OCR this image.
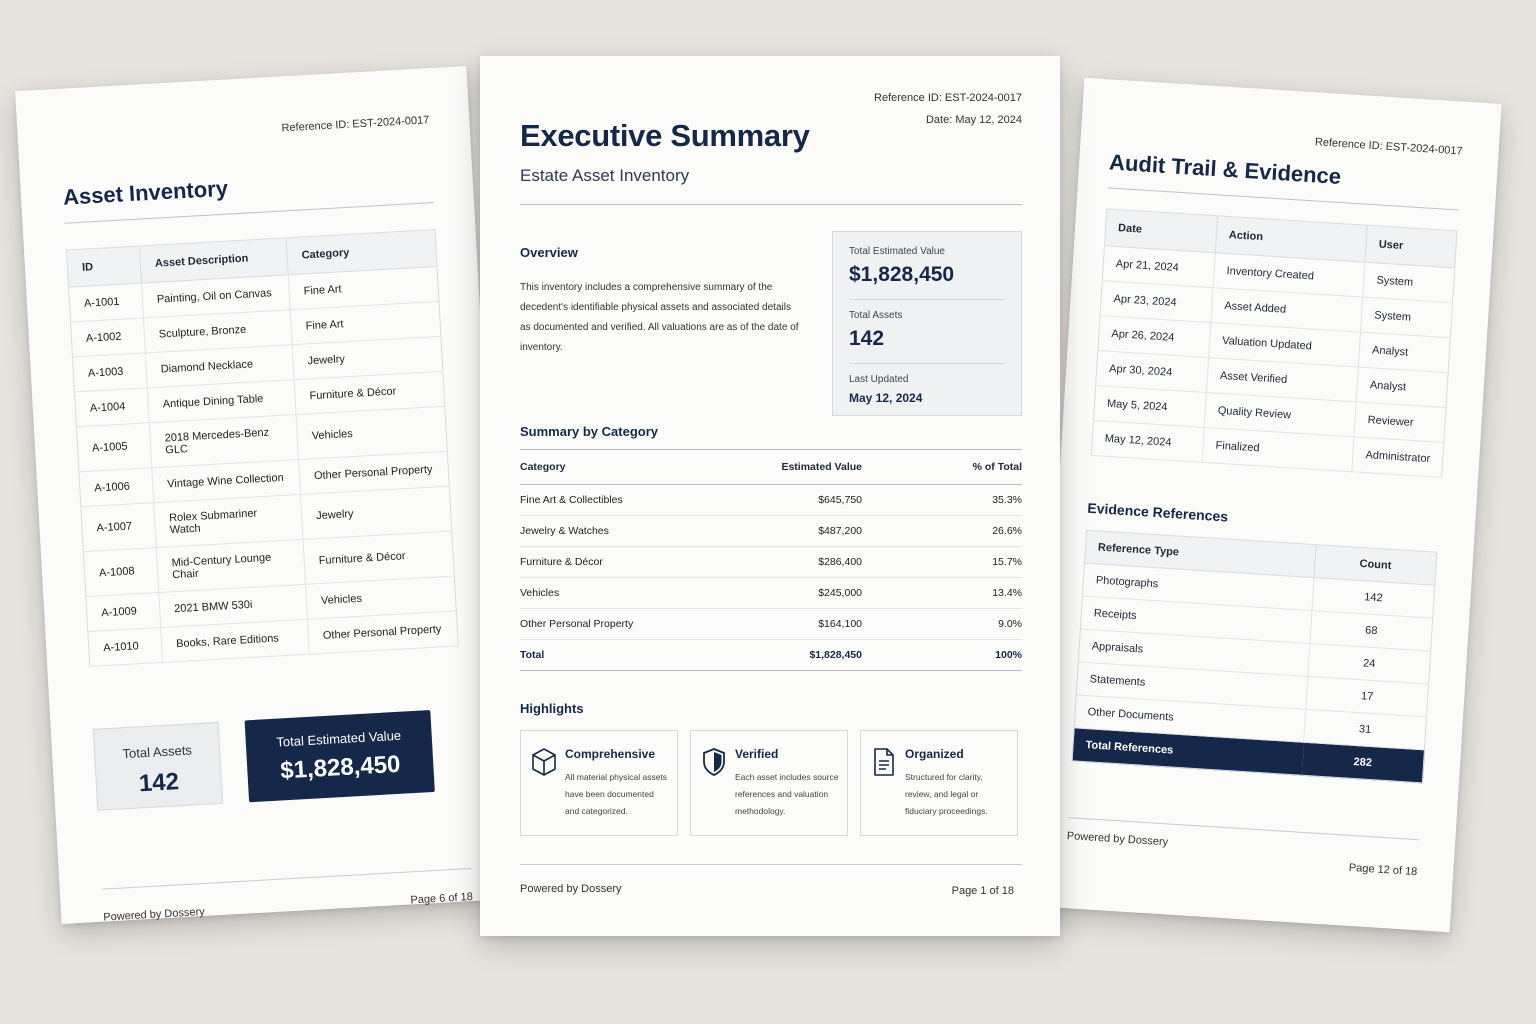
Reference ID: EST-2024-0017
Asset Inventory
ID	Asset Description	Category
A-1001	Painting, Oil on Canvas	Fine Art
A-1002	Sculpture, Bronze	Fine Art
A-1003	Diamond Necklace	Jewelry
A-1004	Antique Dining Table	Furniture & Décor
A-1005	2018 Mercedes-Benz GLC	Vehicles
A-1006	Vintage Wine Collection	Other Personal Property
A-1007	Rolex Submariner Watch	Jewelry
A-1008	Mid-Century Lounge Chair	Furniture & Décor
A-1009	2021 BMW 530i	Vehicles
A-1010	Books, Rare Editions	Other Personal Property
Total Assets
142
Total Estimated Value
$1,828,450
Powered by Dossery
Page 6 of 18
Reference ID: EST-2024-0017
Audit Trail & Evidence
Date	Action	User
Apr 21, 2024	Inventory Created	System
Apr 23, 2024	Asset Added	System
Apr 26, 2024	Valuation Updated	Analyst
Apr 30, 2024	Asset Verified	Analyst
May 5, 2024	Quality Review	Reviewer
May 12, 2024	Finalized	Administrator
Evidence References
Reference Type	Count
Photographs	142
Receipts	68
Appraisals	24
Statements	17
Other Documents	31
Total References	282
Powered by Dossery
Page 12 of 18
Reference ID: EST-2024-0017
Date: May 12, 2024
Executive Summary
Estate Asset Inventory
Overview

This inventory includes a comprehensive summary of the decedent's identifiable physical assets and associated details as documented and verified. All valuations are as of the date of inventory.

Total Estimated Value
$1,828,450
Total Assets
142
Last Updated
May 12, 2024
Summary by Category
Category	Estimated Value	% of Total
Fine Art & Collectibles	$645,750	35.3%
Jewelry & Watches	$487,200	26.6%
Furniture & Décor	$286,400	15.7%
Vehicles	$245,000	13.4%
Other Personal Property	$164,100	9.0%
Total	$1,828,450	100%
Highlights
Comprehensive
All material physical assets have been documented and categorized.
Verified
Each asset includes source references and valuation methodology.
Organized
Structured for clarity, review, and legal or fiduciary proceedings.
Powered by Dossery	Page 1 of 18
